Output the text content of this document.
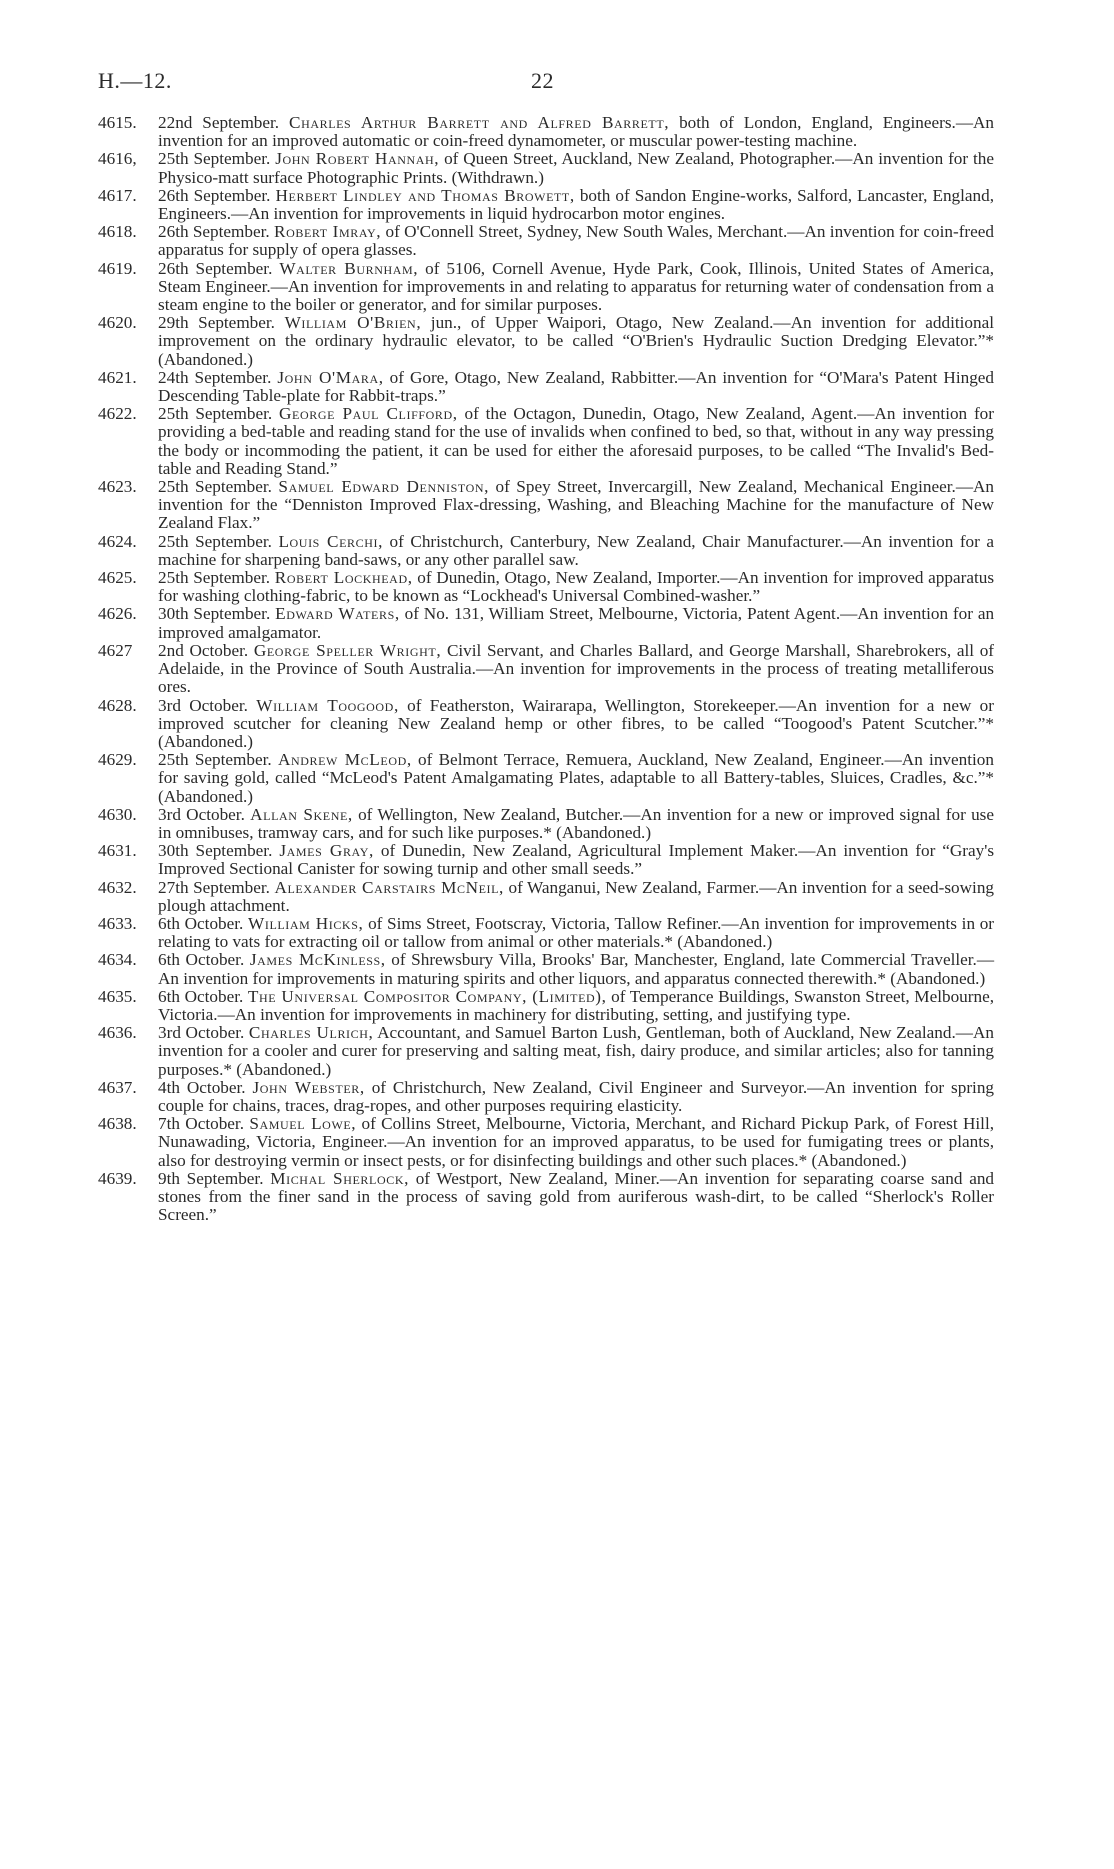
H.—12.	22

4615. 22nd September. Charles Arthur Barrett and Alfred Barrett, both of London, England, Engineers.—An invention for an improved automatic or coin-freed dynamometer, or muscular power-testing machine.

4616, 25th September. John Robert Hannah, of Queen Street, Auckland, New Zealand, Photographer.—An invention for the Physico-matt surface Photographic Prints. (Withdrawn.)

4617. 26th September. Herbert Lindley and Thomas Browett, both of Sandon Engine-works, Salford, Lancaster, England, Engineers.—An invention for improvements in liquid hydrocarbon motor engines.

4618. 26th September. Robert Imray, of O'Connell Street, Sydney, New South Wales, Merchant.—An invention for coin-freed apparatus for supply of opera glasses.

4619. 26th September. Walter Burnham, of 5106, Cornell Avenue, Hyde Park, Cook, Illinois, United States of America, Steam Engineer.—An invention for improvements in and relating to apparatus for returning water of condensation from a steam engine to the boiler or generator, and for similar purposes.

4620. 29th September. William O'Brien, jun., of Upper Waipori, Otago, New Zealand.—An invention for additional improvement on the ordinary hydraulic elevator, to be called “O'Brien's Hydraulic Suction Dredging Elevator.”* (Abandoned.)

4621. 24th September. John O'Mara, of Gore, Otago, New Zealand, Rabbitter.—An invention for “O'Mara's Patent Hinged Descending Table-plate for Rabbit-traps.”

4622. 25th September. George Paul Clifford, of the Octagon, Dunedin, Otago, New Zealand, Agent.—An invention for providing a bed-table and reading stand for the use of invalids when confined to bed, so that, without in any way pressing the body or incommoding the patient, it can be used for either the aforesaid purposes, to be called “The Invalid's Bed-table and Reading Stand.”

4623. 25th September. Samuel Edward Denniston, of Spey Street, Invercargill, New Zealand, Mechanical Engineer.—An invention for the “Denniston Improved Flax-dressing, Washing, and Bleaching Machine for the manufacture of New Zealand Flax.”

4624. 25th September. Louis Cerchi, of Christchurch, Canterbury, New Zealand, Chair Manufacturer.—An invention for a machine for sharpening band-saws, or any other parallel saw.

4625. 25th September. Robert Lockhead, of Dunedin, Otago, New Zealand, Importer.—An invention for improved apparatus for washing clothing-fabric, to be known as “Lockhead's Universal Combined-washer.”

4626. 30th September. Edward Waters, of No. 131, William Street, Melbourne, Victoria, Patent Agent.—An invention for an improved amalgamator.

4627 2nd October. George Speller Wright, Civil Servant, and Charles Ballard, and George Marshall, Sharebrokers, all of Adelaide, in the Province of South Australia.—An invention for improvements in the process of treating metalliferous ores.

4628. 3rd October. William Toogood, of Featherston, Wairarapa, Wellington, Storekeeper.—An invention for a new or improved scutcher for cleaning New Zealand hemp or other fibres, to be called “Toogood's Patent Scutcher.”* (Abandoned.)

4629. 25th September. Andrew McLeod, of Belmont Terrace, Remuera, Auckland, New Zealand, Engineer.—An invention for saving gold, called “McLeod's Patent Amalgamating Plates, adaptable to all Battery-tables, Sluices, Cradles, &c.”* (Abandoned.)

4630. 3rd October. Allan Skene, of Wellington, New Zealand, Butcher.—An invention for a new or improved signal for use in omnibuses, tramway cars, and for such like purposes.* (Abandoned.)

4631. 30th September. James Gray, of Dunedin, New Zealand, Agricultural Implement Maker.—An invention for “Gray's Improved Sectional Canister for sowing turnip and other small seeds.”

4632. 27th September. Alexander Carstairs McNeil, of Wanganui, New Zealand, Farmer.—An invention for a seed-sowing plough attachment.

4633. 6th October. William Hicks, of Sims Street, Footscray, Victoria, Tallow Refiner.—An invention for improvements in or relating to vats for extracting oil or tallow from animal or other materials.* (Abandoned.)

4634. 6th October. James McKinless, of Shrewsbury Villa, Brooks' Bar, Manchester, England, late Commercial Traveller.—An invention for improvements in maturing spirits and other liquors, and apparatus connected therewith.* (Abandoned.)

4635. 6th October. The Universal Compositor Company, (Limited), of Temperance Buildings, Swanston Street, Melbourne, Victoria.—An invention for improvements in machinery for distributing, setting, and justifying type.

4636. 3rd October. Charles Ulrich, Accountant, and Samuel Barton Lush, Gentleman, both of Auckland, New Zealand.—An invention for a cooler and curer for preserving and salting meat, fish, dairy produce, and similar articles; also for tanning purposes.* (Abandoned.)

4637. 4th October. John Webster, of Christchurch, New Zealand, Civil Engineer and Surveyor.—An invention for spring couple for chains, traces, drag-ropes, and other purposes requiring elasticity.

4638. 7th October. Samuel Lowe, of Collins Street, Melbourne, Victoria, Merchant, and Richard Pickup Park, of Forest Hill, Nunawading, Victoria, Engineer.—An invention for an improved apparatus, to be used for fumigating trees or plants, also for destroying vermin or insect pests, or for disinfecting buildings and other such places.* (Abandoned.)

4639. 9th September. Michal Sherlock, of Westport, New Zealand, Miner.—An invention for separating coarse sand and stones from the finer sand in the process of saving gold from auriferous wash-dirt, to be called “Sherlock's Roller Screen.”
